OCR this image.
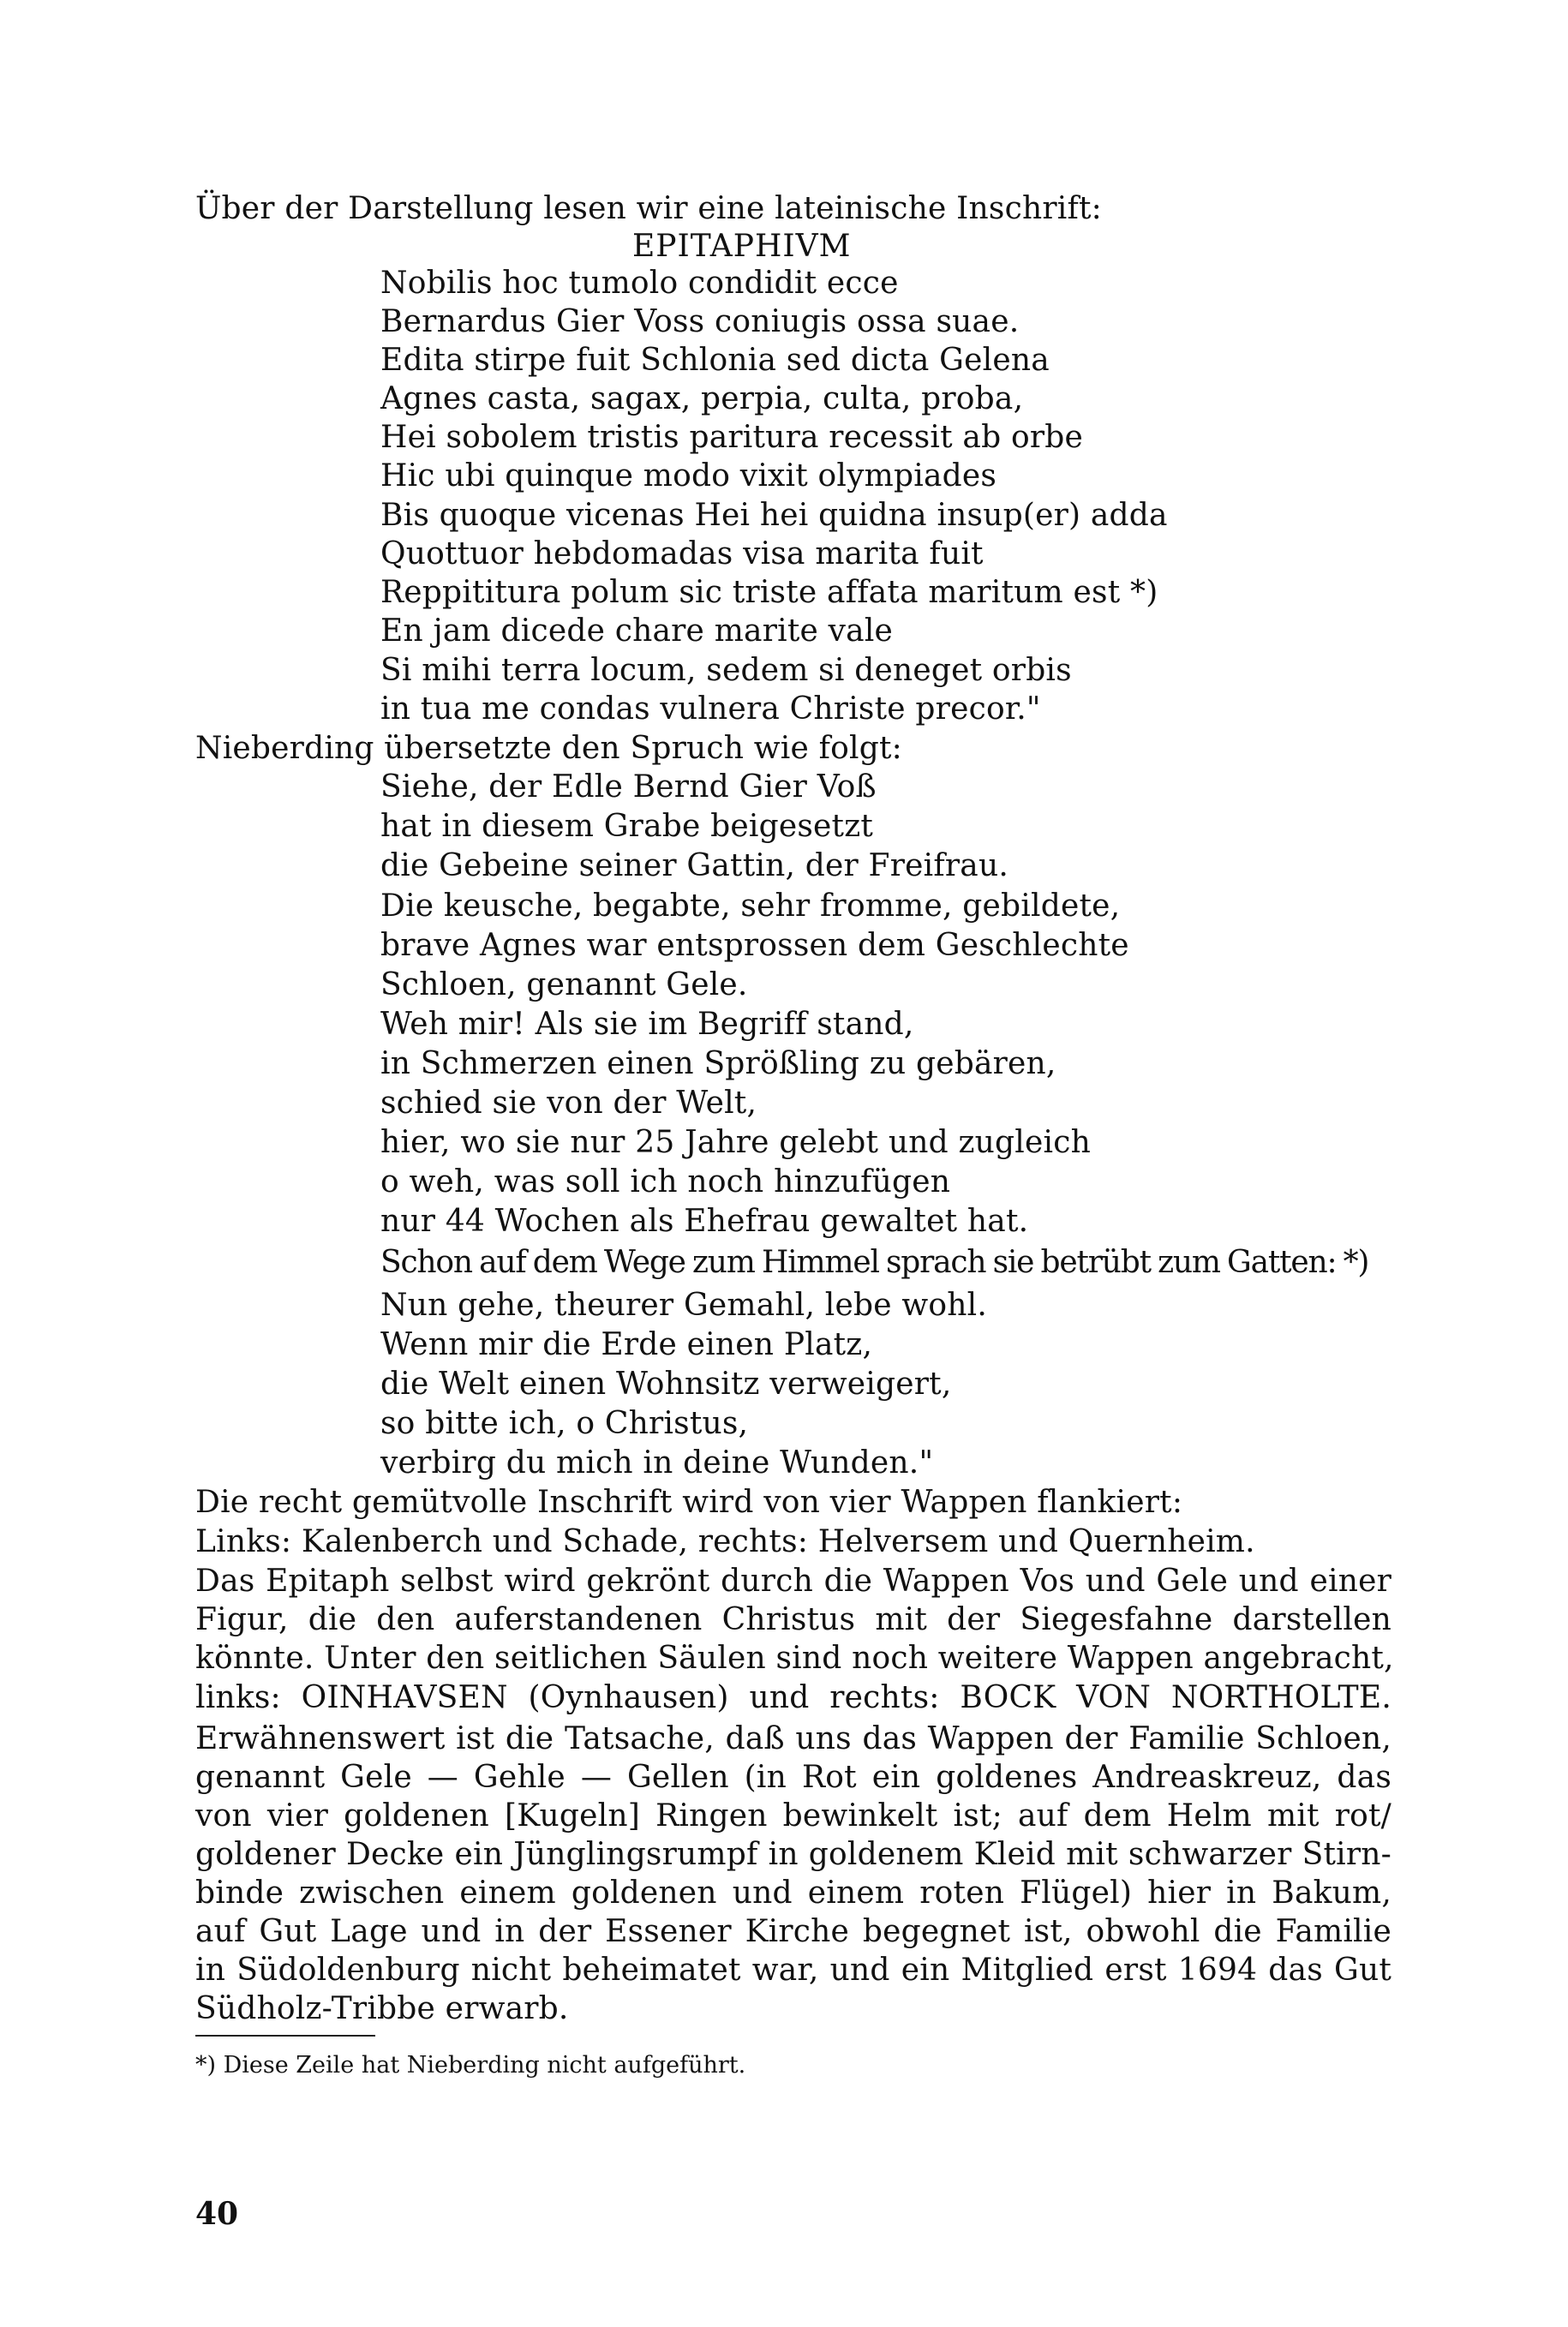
Über der Darstellung lesen wir eine lateinische Inschrift:
EPITAPHIVM
Nobilis hoc tumolo condidit ecce
Bernardus Gier Voss coniugis ossa suae.
Edita stirpe fuit Schlonia sed dicta Gelena
Agnes casta, sagax, perpia, culta, proba,
Hei sobolem tristis paritura recessit ab orbe
Hic ubi quinque modo vixit olympiades
Bis quoque vicenas Hei hei quidna insup(er) adda
Quottuor hebdomadas visa marita fuit
Reppititura polum sic triste affata maritum est *)
En jam dicede chare marite vale
Si mihi terra locum, sedem si deneget orbis
in tua me condas vulnera Christe precor."
Nieberding übersetzte den Spruch wie folgt:
Siehe, der Edle Bernd Gier Voß
hat in diesem Grabe beigesetzt
die Gebeine seiner Gattin, der Freifrau.
Die keusche, begabte, sehr fromme, gebildete,
brave Agnes war entsprossen dem Geschlechte
Schloen, genannt Gele.
Weh mir! Als sie im Begriff stand,
in Schmerzen einen Sprößling zu gebären,
schied sie von der Welt,
hier, wo sie nur 25 Jahre gelebt und zugleich
o weh, was soll ich noch hinzufügen
nur 44 Wochen als Ehefrau gewaltet hat.
Schon auf dem Wege zum Himmel sprach sie betrübt zum Gatten: *)
Nun gehe, theurer Gemahl, lebe wohl.
Wenn mir die Erde einen Platz,
die Welt einen Wohnsitz verweigert,
so bitte ich, o Christus,
verbirg du mich in deine Wunden."
Die recht gemütvolle Inschrift wird von vier Wappen flankiert:
Links: Kalenberch und Schade, rechts: Helversem und Quernheim.
Das Epitaph selbst wird gekrönt durch die Wappen Vos und Gele und einer
Figur, die den auferstandenen Christus mit der Siegesfahne darstellen
könnte. Unter den seitlichen Säulen sind noch weitere Wappen angebracht,
links: OINHAVSEN (Oynhausen) und rechts: BOCK VON NORTHOLTE.
Erwähnenswert ist die Tatsache, daß uns das Wappen der Familie Schloen,
genannt Gele — Gehle — Gellen (in Rot ein goldenes Andreaskreuz, das
von vier goldenen [Kugeln] Ringen bewinkelt ist; auf dem Helm mit rot/
goldener Decke ein Jünglingsrumpf in goldenem Kleid mit schwarzer Stirn-
binde zwischen einem goldenen und einem roten Flügel) hier in Bakum,
auf Gut Lage und in der Essener Kirche begegnet ist, obwohl die Familie
in Südoldenburg nicht beheimatet war, und ein Mitglied erst 1694 das Gut
Südholz-Tribbe erwarb.
*) Diese Zeile hat Nieberding nicht aufgeführt.
40
